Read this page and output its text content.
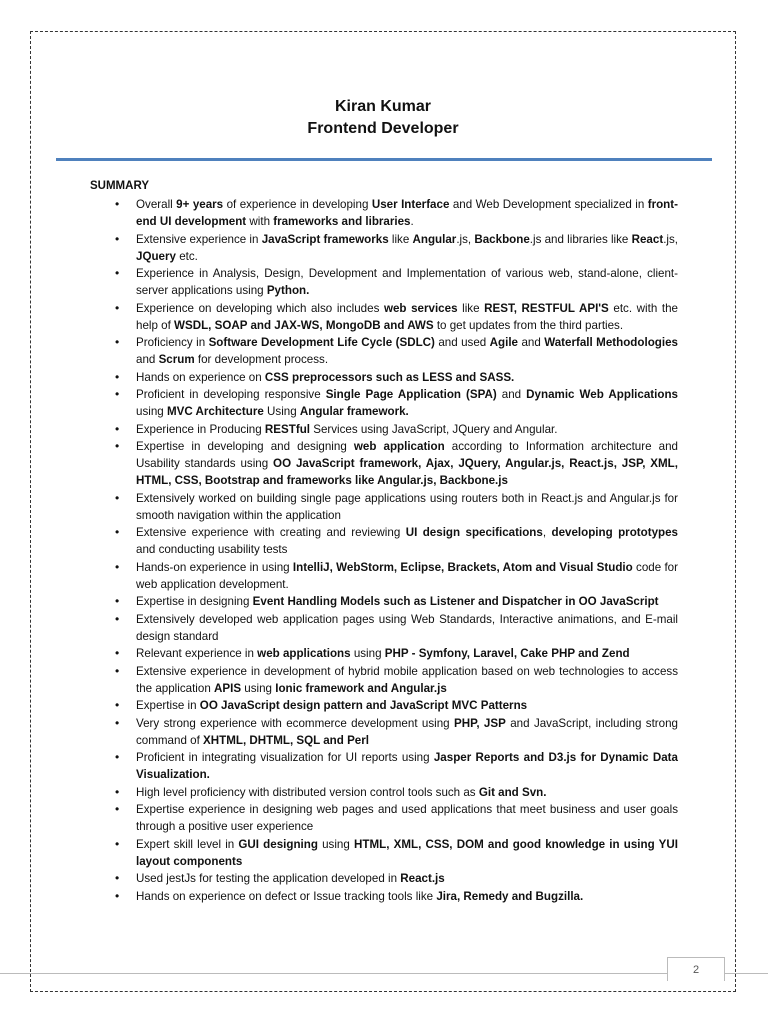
Kiran Kumar
Frontend Developer
SUMMARY
• Overall 9+ years of experience in developing User Interface and Web Development specialized in front-end UI development with frameworks and libraries.
• Extensive experience in JavaScript frameworks like Angular.js, Backbone.js and libraries like React.js, JQuery etc.
• Experience in Analysis, Design, Development and Implementation of various web, stand-alone, client-server applications using Python.
• Experience on developing which also includes web services like REST, RESTFUL API'S etc. with the help of WSDL, SOAP and JAX-WS, MongoDB and AWS to get updates from the third parties.
• Proficiency in Software Development Life Cycle (SDLC) and used Agile and Waterfall Methodologies and Scrum for development process.
• Hands on experience on CSS preprocessors such as LESS and SASS.
• Proficient in developing responsive Single Page Application (SPA) and Dynamic Web Applications using MVC Architecture Using Angular framework.
• Experience in Producing RESTful Services using JavaScript, JQuery and Angular.
• Expertise in developing and designing web application according to Information architecture and Usability standards using OO JavaScript framework, Ajax, JQuery, Angular.js, React.js, JSP, XML, HTML, CSS, Bootstrap and frameworks like Angular.js, Backbone.js
• Extensively worked on building single page applications using routers both in React.js and Angular.js for smooth navigation within the application
• Extensive experience with creating and reviewing UI design specifications, developing prototypes and conducting usability tests
• Hands-on experience in using IntelliJ, WebStorm, Eclipse, Brackets, Atom and Visual Studio code for web application development.
• Expertise in designing Event Handling Models such as Listener and Dispatcher in OO JavaScript
• Extensively developed web application pages using Web Standards, Interactive animations, and E-mail design standard
• Relevant experience in web applications using PHP - Symfony, Laravel, Cake PHP and Zend
• Extensive experience in development of hybrid mobile application based on web technologies to access the application APIS using Ionic framework and Angular.js
• Expertise in OO JavaScript design pattern and JavaScript MVC Patterns
• Very strong experience with ecommerce development using PHP, JSP and JavaScript, including strong command of XHTML, DHTML, SQL and Perl
• Proficient in integrating visualization for UI reports using Jasper Reports and D3.js for Dynamic Data Visualization.
• High level proficiency with distributed version control tools such as Git and Svn.
• Expertise experience in designing web pages and used applications that meet business and user goals through a positive user experience
• Expert skill level in GUI designing using HTML, XML, CSS, DOM and good knowledge in using YUI layout components
• Used jestJs for testing the application developed in React.js
• Hands on experience on defect or Issue tracking tools like Jira, Remedy and Bugzilla.
2
